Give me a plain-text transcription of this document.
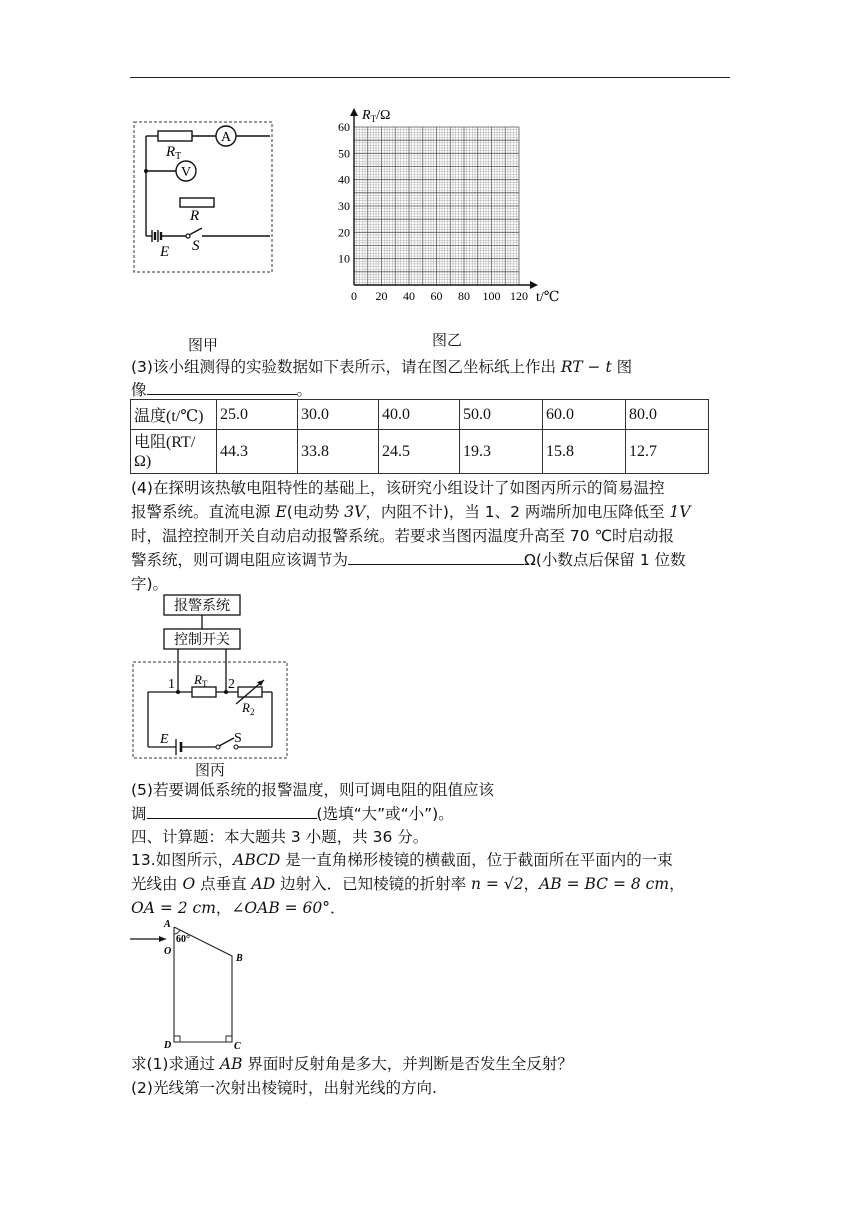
A
$R_T$
V
R
E S
图甲
0 20 40 60 80 100 120
10
20
30
40
50
60
$R_T/\Omega$
t/℃
图乙
(3)该小组测得的实验数据如下表所示，请在图乙坐标纸上作出 RT − t 图
像	。
温度(t/℃)	25.0	30.0	40.0	50.0	60.0	80.0
电阻(RT/
Ω)	44.3	33.8	24.5	19.3	15.8	12.7
(4)在探明该热敏电阻特性的基础上，该研究小组设计了如图丙所示的简易温控
报警系统。直流电源 E(电动势 3V，内阻不计)，当 1、2 两端所加电压降低至 1V
时，温控控制开关自动启动报警系统。若要求当图丙温度升高至 70 ℃时启动报
警系统，则可调电阻应该调节为	Ω(小数点后保留 1 位数
字)。
报警系统
控制开关
1 $R_T$ 2
$R_2$
E	S
图丙
(5)若要调低系统的报警温度，则可调电阻的阻值应该
调	(选填“大”或“小”)。
四、计算题：本大题共 3 小题，共 36 分。
13.如图所示，ABCD 是一直角梯形棱镜的横截面，位于截面所在平面内的一束
光线由 O 点垂直 AD 边射入．已知棱镜的折射率 n = √2，AB = BC = 8 cm，
OA = 2 cm，∠OAB = 60°．
A
60°
O
B
D	C
求(1)求通过 AB 界面时反射角是多大，并判断是否发生全反射？
(2)光线第一次射出棱镜时，出射光线的方向.
